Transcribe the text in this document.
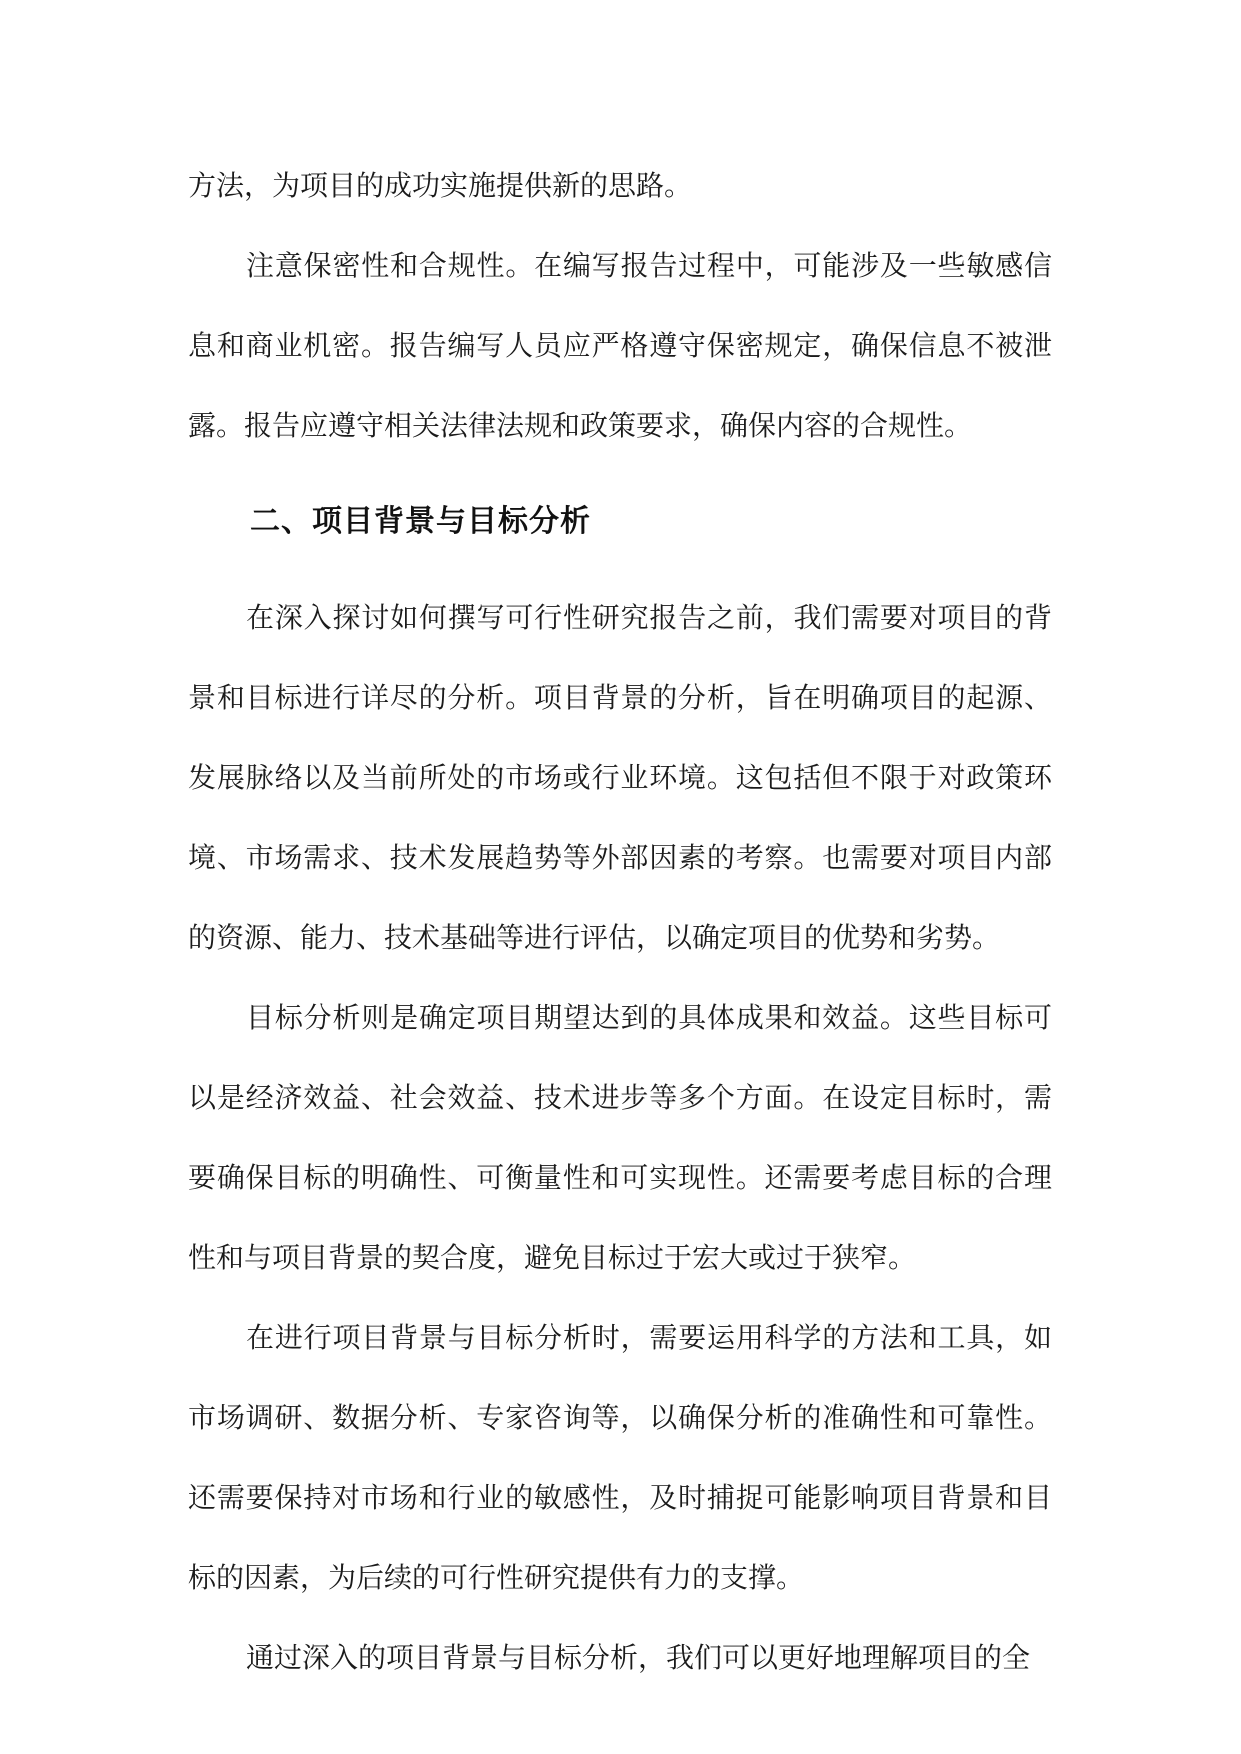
方法，为项目的成功实施提供新的思路。

注意保密性和合规性。在编写报告过程中，可能涉及一些敏感信息和商业机密。报告编写人员应严格遵守保密规定，确保信息不被泄露。报告应遵守相关法律法规和政策要求，确保内容的合规性。

二、项目背景与目标分析

在深入探讨如何撰写可行性研究报告之前，我们需要对项目的背景和目标进行详尽的分析。项目背景的分析，旨在明确项目的起源、发展脉络以及当前所处的市场或行业环境。这包括但不限于对政策环境、市场需求、技术发展趋势等外部因素的考察。也需要对项目内部的资源、能力、技术基础等进行评估，以确定项目的优势和劣势。

目标分析则是确定项目期望达到的具体成果和效益。这些目标可以是经济效益、社会效益、技术进步等多个方面。在设定目标时，需要确保目标的明确性、可衡量性和可实现性。还需要考虑目标的合理性和与项目背景的契合度，避免目标过于宏大或过于狭窄。

在进行项目背景与目标分析时，需要运用科学的方法和工具，如市场调研、数据分析、专家咨询等，以确保分析的准确性和可靠性。还需要保持对市场和行业的敏感性，及时捕捉可能影响项目背景和目标的因素，为后续的可行性研究提供有力的支撑。

通过深入的项目背景与目标分析，我们可以更好地理解项目的全
